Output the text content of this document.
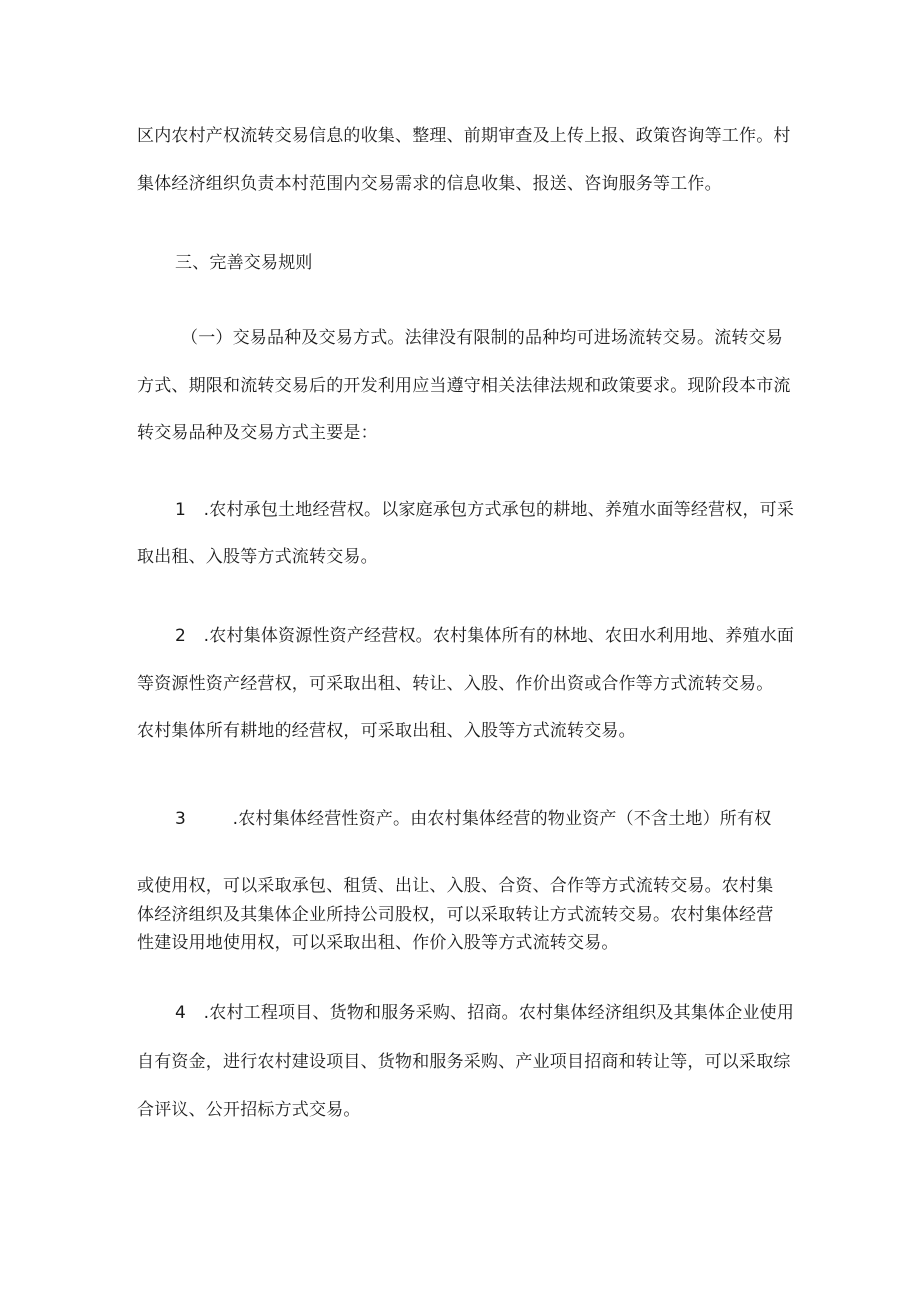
区内农村产权流转交易信息的收集、整理、前期审查及上传上报、政策咨询等工作。村
集体经济组织负责本村范围内交易需求的信息收集、报送、咨询服务等工作。
三、完善交易规则
（一）交易品种及交易方式。法律没有限制的品种均可进场流转交易。流转交易
方式、期限和流转交易后的开发利用应当遵守相关法律法规和政策要求。现阶段本市流
转交易品种及交易方式主要是：
1 .农村承包土地经营权。以家庭承包方式承包的耕地、养殖水面等经营权，可采
取出租、入股等方式流转交易。
2 .农村集体资源性资产经营权。农村集体所有的林地、农田水利用地、养殖水面
等资源性资产经营权，可采取出租、转让、入股、作价出资或合作等方式流转交易。
农村集体所有耕地的经营权，可采取出租、入股等方式流转交易。
3	.农村集体经营性资产。由农村集体经营的物业资产（不含土地）所有权
或使用权，可以采取承包、租赁、出让、入股、合资、合作等方式流转交易。农村集
体经济组织及其集体企业所持公司股权，可以采取转让方式流转交易。农村集体经营
性建设用地使用权，可以采取出租、作价入股等方式流转交易。
4 .农村工程项目、货物和服务采购、招商。农村集体经济组织及其集体企业使用
自有资金，进行农村建设项目、货物和服务采购、产业项目招商和转让等，可以采取综
合评议、公开招标方式交易。
